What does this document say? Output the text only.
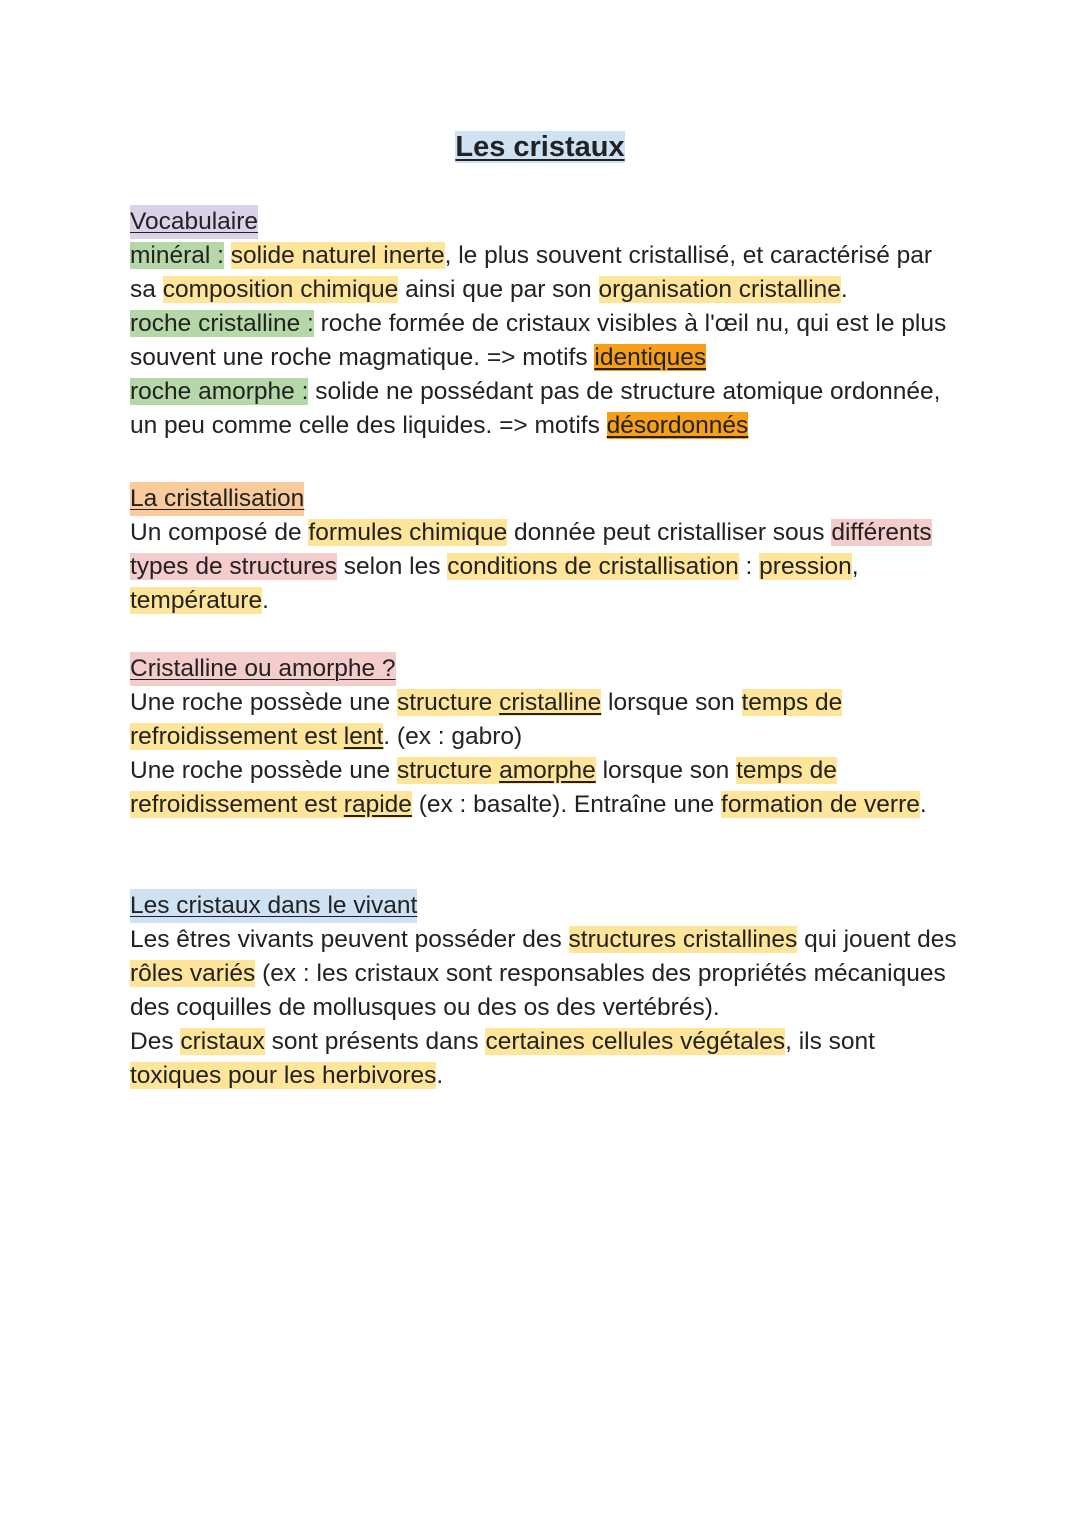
Les cristaux
Vocabulaire

minéral : solide naturel inerte, le plus souvent cristallisé, et caractérisé par sa composition chimique ainsi que par son organisation cristalline.

roche cristalline : roche formée de cristaux visibles à l'œil nu, qui est le plus souvent une roche magmatique. => motifs identiques

roche amorphe : solide ne possédant pas de structure atomique ordonnée, un peu comme celle des liquides. => motifs désordonnés

La cristallisation

Un composé de formules chimique donnée peut cristalliser sous différents types de structures selon les conditions de cristallisation : pression, température.

Cristalline ou amorphe ?

Une roche possède une structure cristalline lorsque son temps de refroidissement est lent. (ex : gabro)

Une roche possède une structure amorphe lorsque son temps de refroidissement est rapide (ex : basalte). Entraîne une formation de verre.

Les cristaux dans le vivant

Les êtres vivants peuvent posséder des structures cristallines qui jouent des rôles variés (ex : les cristaux sont responsables des propriétés mécaniques des coquilles de mollusques ou des os des vertébrés).

Des cristaux sont présents dans certaines cellules végétales, ils sont toxiques pour les herbivores.
